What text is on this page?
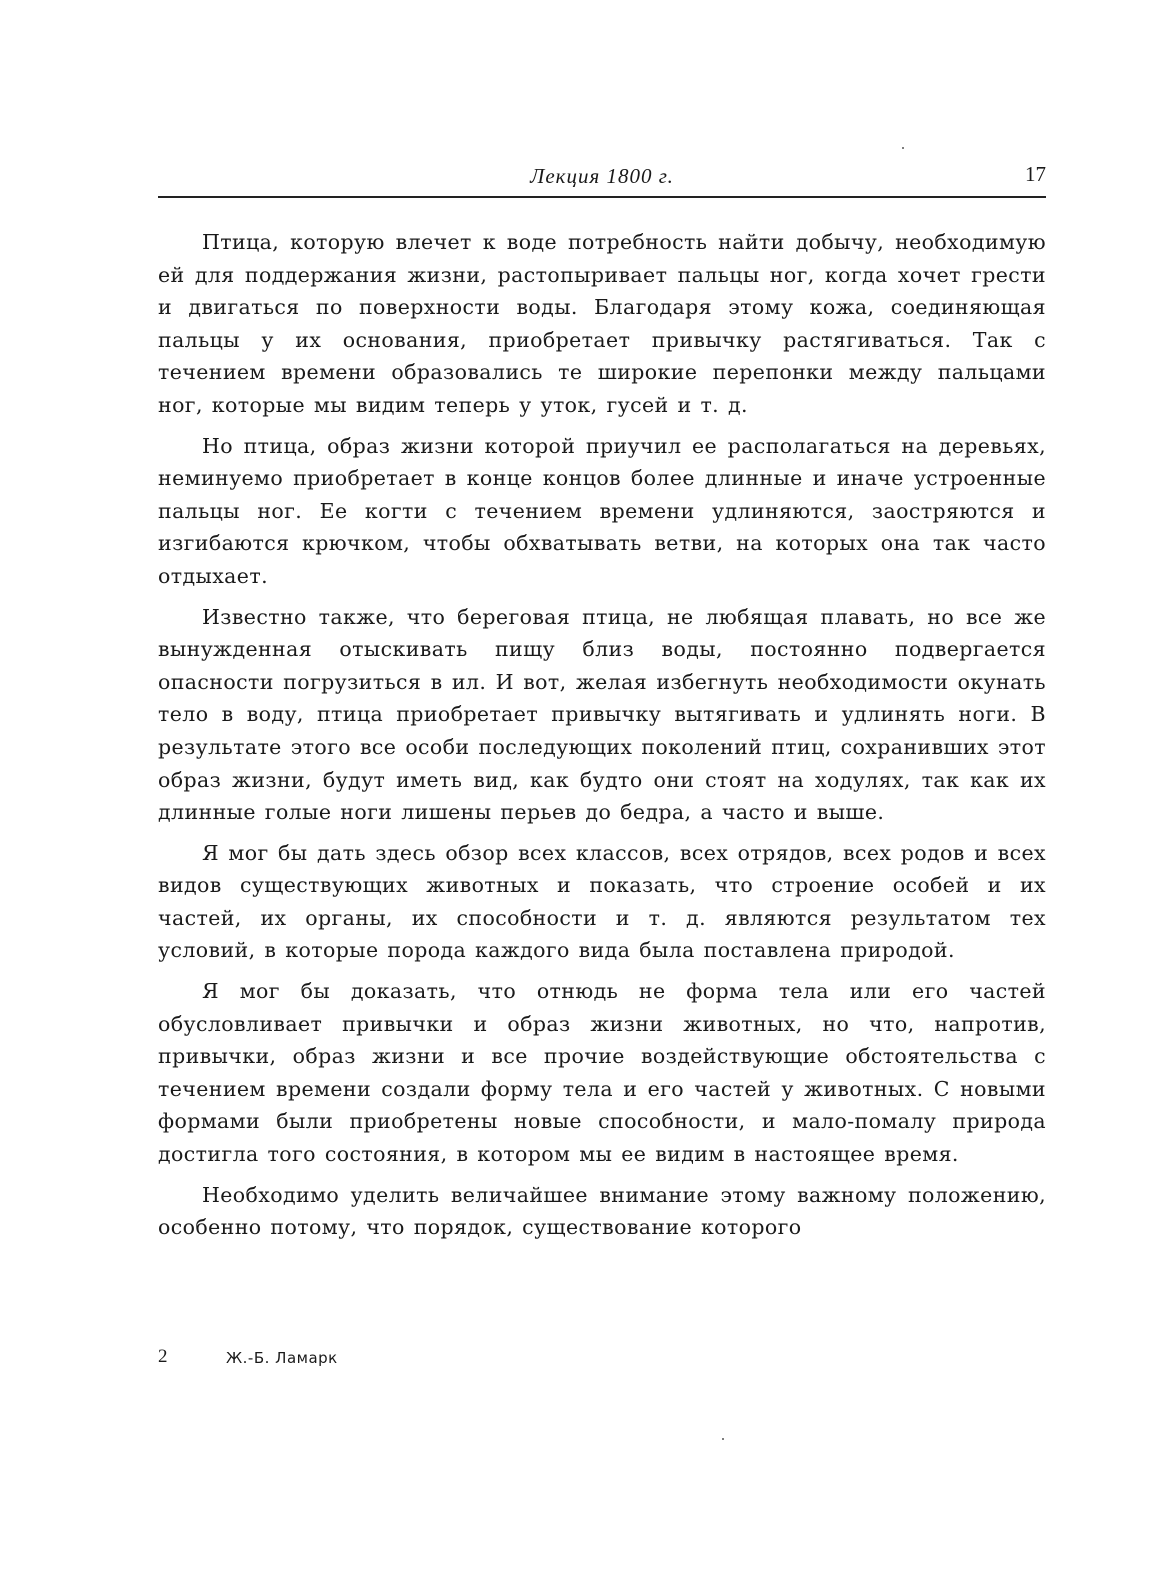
Лекция 1800 г.	17

Птица, которую влечет к воде потребность найти добычу, необходимую ей для поддержания жизни, растопыривает пальцы ног, когда хочет грести и двигаться по поверхности воды. Благодаря этому кожа, соединяющая пальцы у их основания, приобретает привычку растягиваться. Так с течением времени образовались те широкие перепонки между пальцами ног, которые мы видим теперь у уток, гусей и т. д.

Но птица, образ жизни которой приучил ее располагаться на деревьях, неминуемо приобретает в конце концов более длинные и иначе устроенные пальцы ног. Ее когти с течением времени удлиняются, заостряются и изгибаются крючком, чтобы обхватывать ветви, на которых она так часто отдыхает.

Известно также, что береговая птица, не любящая плавать, но все же вынужденная отыскивать пищу близ воды, постоянно подвергается опасности погрузиться в ил. И вот, желая избегнуть необходимости окунать тело в воду, птица приобретает привычку вытягивать и удлинять ноги. В результате этого все особи последующих поколений птиц, сохранивших этот образ жизни, будут иметь вид, как будто они стоят на ходулях, так как их длинные голые ноги лишены перьев до бедра, а часто и выше.

Я мог бы дать здесь обзор всех классов, всех отрядов, всех родов и всех видов существующих животных и показать, что строение особей и их частей, их органы, их способности и т. д. являются результатом тех условий, в которые порода каждого вида была поставлена природой.

Я мог бы доказать, что отнюдь не форма тела или его частей обусловливает привычки и образ жизни животных, но что, напротив, привычки, образ жизни и все прочие воздействующие обстоятельства с течением времени создали форму тела и его частей у животных. С новыми формами были приобретены новые способности, и мало-помалу природа достигла того состояния, в котором мы ее видим в настоящее время.

Необходимо уделить величайшее внимание этому важному положению, особенно потому, что порядок, существование которого

2	Ж.-Б. Ламарк
